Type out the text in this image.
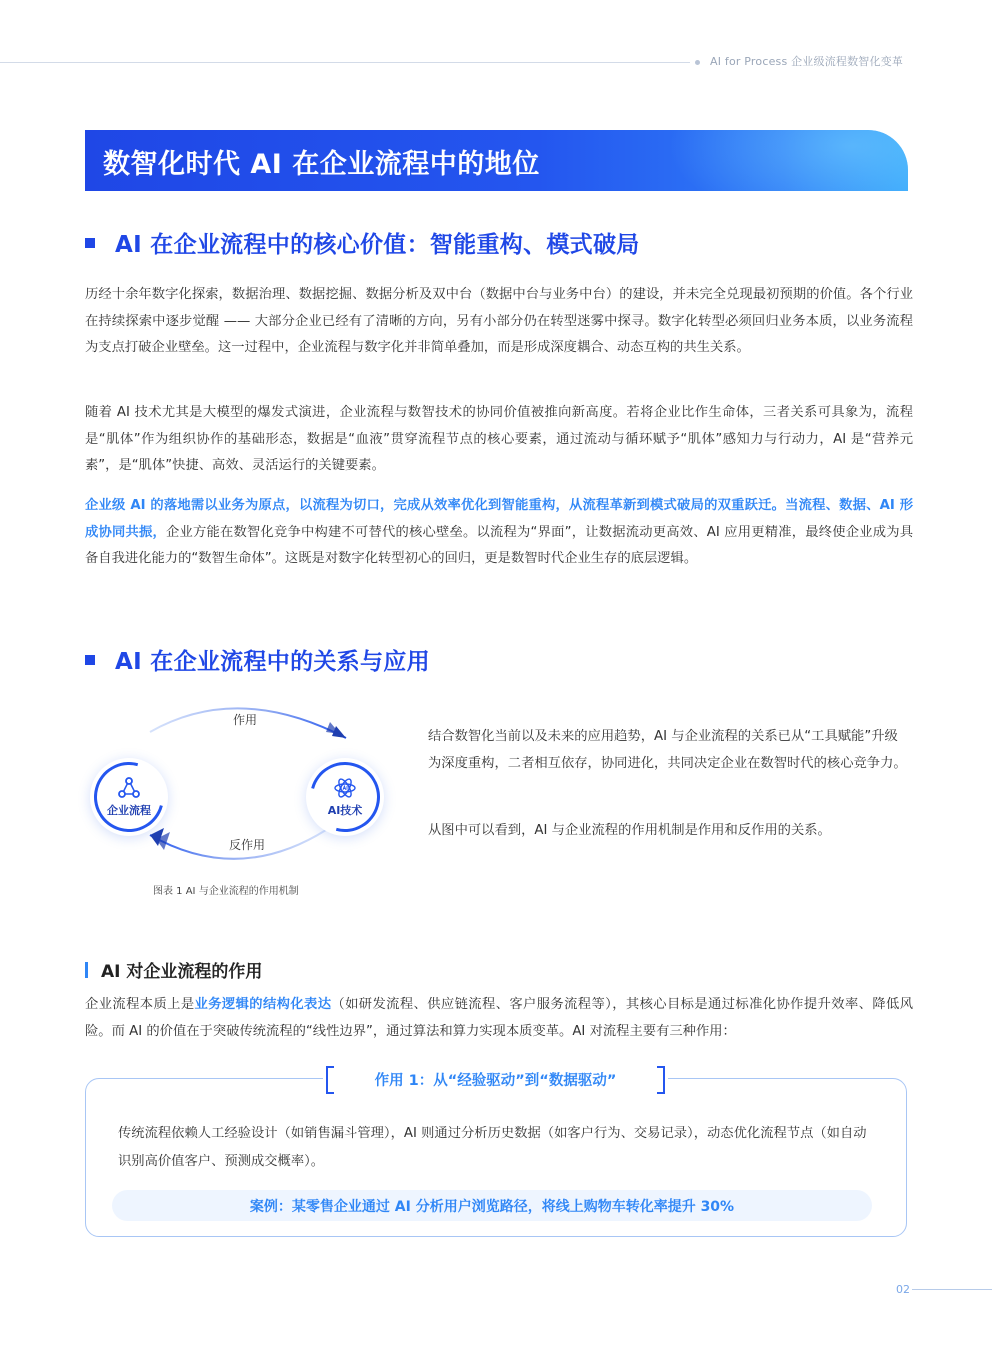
AI for Process 企业级流程数智化变革
数智化时代 AI 在企业流程中的地位
AI 在企业流程中的核心价值：智能重构、模式破局

历经十余年数字化探索，数据治理、数据挖掘、数据分析及双中台（数据中台与业务中台）的建设，并未完全兑现最初预期的价值。各个行业在持续探索中逐步觉醒 —— 大部分企业已经有了清晰的方向，另有小部分仍在转型迷雾中探寻。数字化转型必须回归业务本质，以业务流程为支点打破企业壁垒。这一过程中，企业流程与数字化并非简单叠加，而是形成深度耦合、动态互构的共生关系。

随着 AI 技术尤其是大模型的爆发式演进，企业流程与数智技术的协同价值被推向新高度。若将企业比作生命体，三者关系可具象为，流程是“肌体”作为组织协作的基础形态，数据是“血液”贯穿流程节点的核心要素，通过流动与循环赋予“肌体”感知力与行动力，AI 是“营养元素”，是“肌体”快捷、高效、灵活运行的关键要素。

企业级 AI 的落地需以业务为原点，以流程为切口，完成从效率优化到智能重构，从流程革新到模式破局的双重跃迁。当流程、数据、AI 形成协同共振，企业方能在数智化竞争中构建不可替代的核心壁垒。以流程为“界面”，让数据流动更高效、AI 应用更精准，最终使企业成为具备自我进化能力的“数智生命体”。这既是对数字化转型初心的回归，更是数智时代企业生存的底层逻辑。

AI 在企业流程中的关系与应用
企业流程	AI技术
作用
反作用
图表 1 AI 与企业流程的作用机制

结合数智化当前以及未来的应用趋势，AI 与企业流程的关系已从“工具赋能”升级为深度重构，二者相互依存，协同进化，共同决定企业在数智时代的核心竞争力。

从图中可以看到，AI 与企业流程的作用机制是作用和反作用的关系。

AI 对企业流程的作用

企业流程本质上是业务逻辑的结构化表达（如研发流程、供应链流程、客户服务流程等），其核心目标是通过标准化协作提升效率、降低风险。而 AI 的价值在于突破传统流程的“线性边界”，通过算法和算力实现本质变革。AI 对流程主要有三种作用：

作用 1：从“经验驱动”到“数据驱动”

传统流程依赖人工经验设计（如销售漏斗管理），AI 则通过分析历史数据（如客户行为、交易记录），动态优化流程节点（如自动识别高价值客户、预测成交概率）。

案例：某零售企业通过 AI 分析用户浏览路径，将线上购物车转化率提升 30%
02
